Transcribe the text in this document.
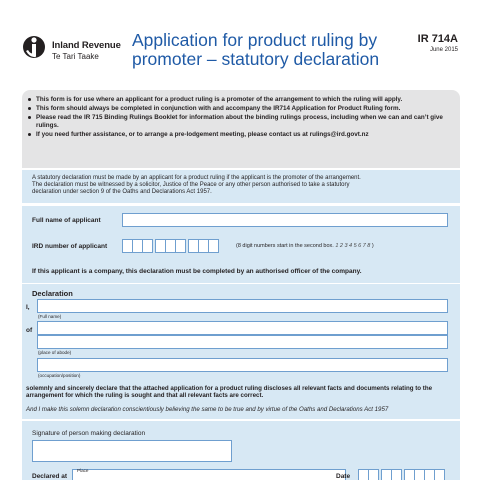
Inland Revenue
Te Tari Taake
Application for product ruling by
promoter – statutory declaration
IR 714A
June 2015
This form is for use where an applicant for a product ruling is a promoter of the arrangement to which the ruling will apply.
This form should always be completed in conjunction with and accompany the IR714 Application for Product Ruling form.
Please read the IR 715 Binding Rulings Booklet for information about the binding rulings process, including when we can and can’t give rulings.
If you need further assistance, or to arrange a pre-lodgement meeting, please contact us at rulings@ird.govt.nz
A statutory declaration must be made by an applicant for a product ruling if the applicant is the promoter of the arrangement.
The declaration must be witnessed by a solicitor, Justice of the Peace or any other person authorised to take a statutory
declaration under section 9 of the Oaths and Declarations Act 1957.
Full name of applicant
IRD number of applicant	(8 digit numbers start in the second box. 12345678)
If this applicant is a company, this declaration must be completed by an authorised officer of the company.
Declaration
I,
(Full name)
of
(place of abode)
(occupation/position)
solemnly and sincerely declare that the attached application for a product ruling discloses all relevant facts and documents relating to the arrangement for which the ruling is sought and that all relevant facts are correct.
And I make this solemn declaration conscientiously believing the same to be true and by virtue of the Oaths and Declarations Act 1957
Signature of person making declaration
Declared at
Place
Date
